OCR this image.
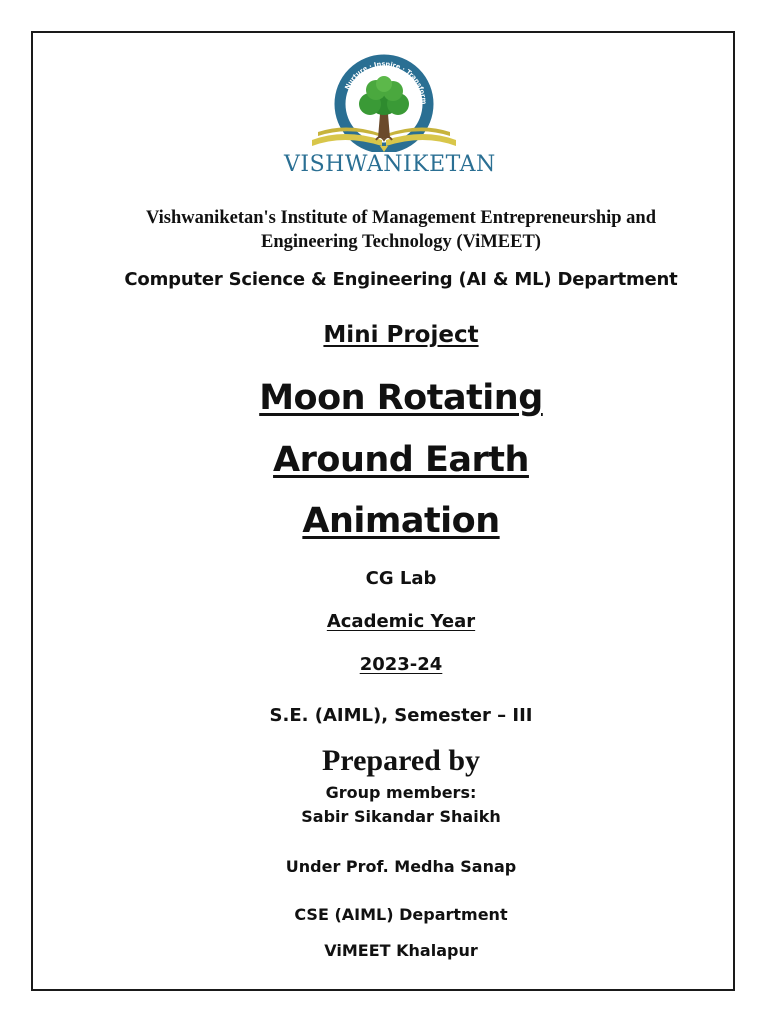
Nurture · Inspire · Transform
VISHWANIKETAN
Vishwaniketan's Institute of Management Entrepreneurship and
Engineering Technology (ViMEET)
Computer Science & Engineering (AI & ML) Department
Mini Project
Moon Rotating
Around Earth
Animation
CG Lab
Academic Year
2023-24
S.E. (AIML), Semester – III
Prepared by
Group members:
Sabir Sikandar Shaikh
Under Prof. Medha Sanap
CSE (AIML) Department
ViMEET Khalapur
